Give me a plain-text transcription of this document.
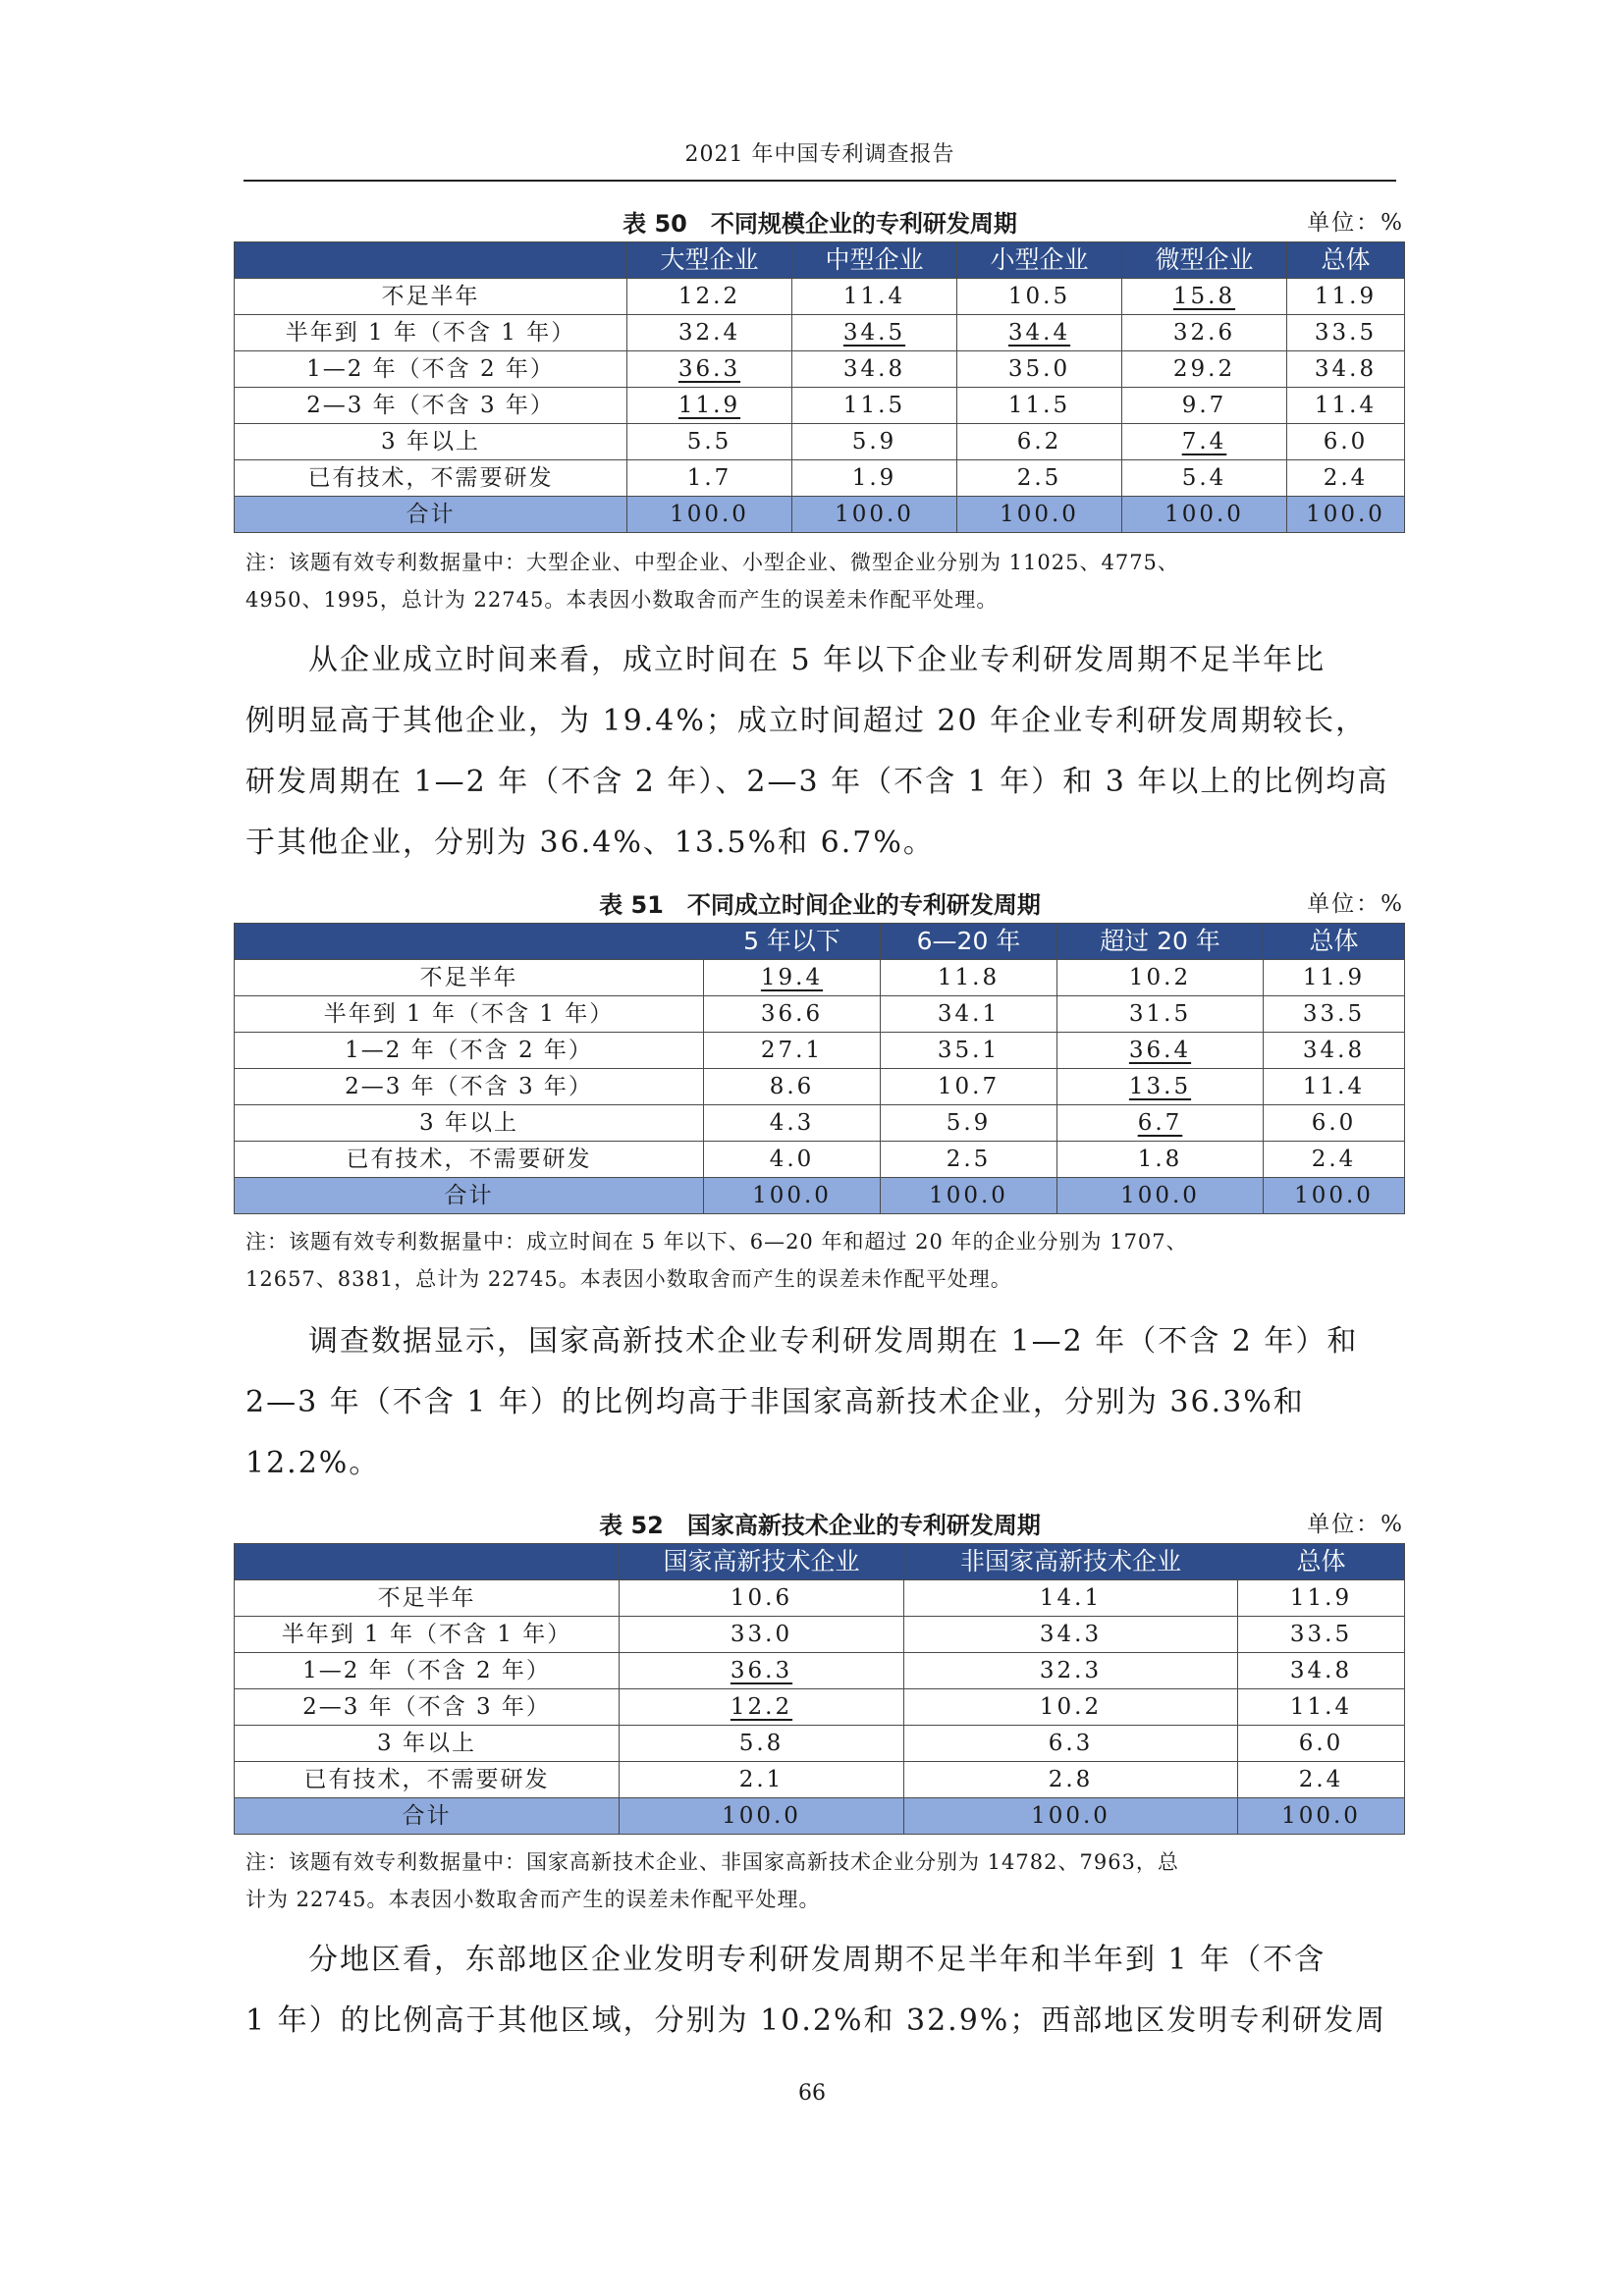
2021 年中国专利调查报告
表 50　不同规模企业的专利研发周期	单位：%
	大型企业	中型企业	小型企业	微型企业	总体
不足半年	12.2	11.4	10.5	15.8	11.9
半年到 1 年（不含 1 年）	32.4	34.5	34.4	32.6	33.5
1—2 年（不含 2 年）	36.3	34.8	35.0	29.2	34.8
2—3 年（不含 3 年）	11.9	11.5	11.5	9.7	11.4
3 年以上	5.5	5.9	6.2	7.4	6.0
已有技术，不需要研发	1.7	1.9	2.5	5.4	2.4
合计	100.0	100.0	100.0	100.0	100.0
注：该题有效专利数据量中：大型企业、中型企业、小型企业、微型企业分别为 11025、4775、
4950、1995，总计为 22745。本表因小数取舍而产生的误差未作配平处理。
从企业成立时间来看，成立时间在 5 年以下企业专利研发周期不足半年比
例明显高于其他企业，为 19.4%；成立时间超过 20 年企业专利研发周期较长，
研发周期在 1—2 年（不含 2 年）、2—3 年（不含 1 年）和 3 年以上的比例均高
于其他企业，分别为 36.4%、13.5%和 6.7%。
表 51　不同成立时间企业的专利研发周期	单位：%
	5 年以下	6—20 年	超过 20 年	总体
不足半年	19.4	11.8	10.2	11.9
半年到 1 年（不含 1 年）	36.6	34.1	31.5	33.5
1—2 年（不含 2 年）	27.1	35.1	36.4	34.8
2—3 年（不含 3 年）	8.6	10.7	13.5	11.4
3 年以上	4.3	5.9	6.7	6.0
已有技术，不需要研发	4.0	2.5	1.8	2.4
合计	100.0	100.0	100.0	100.0
注：该题有效专利数据量中：成立时间在 5 年以下、6—20 年和超过 20 年的企业分别为 1707、
12657、8381，总计为 22745。本表因小数取舍而产生的误差未作配平处理。
调查数据显示，国家高新技术企业专利研发周期在 1—2 年（不含 2 年）和
2—3 年（不含 1 年）的比例均高于非国家高新技术企业，分别为 36.3%和
12.2%。
表 52　国家高新技术企业的专利研发周期	单位：%
	国家高新技术企业	非国家高新技术企业	总体
不足半年	10.6	14.1	11.9
半年到 1 年（不含 1 年）	33.0	34.3	33.5
1—2 年（不含 2 年）	36.3	32.3	34.8
2—3 年（不含 3 年）	12.2	10.2	11.4
3 年以上	5.8	6.3	6.0
已有技术，不需要研发	2.1	2.8	2.4
合计	100.0	100.0	100.0
注：该题有效专利数据量中：国家高新技术企业、非国家高新技术企业分别为 14782、7963，总
计为 22745。本表因小数取舍而产生的误差未作配平处理。
分地区看，东部地区企业发明专利研发周期不足半年和半年到 1 年（不含
1 年）的比例高于其他区域，分别为 10.2%和 32.9%；西部地区发明专利研发周
66
